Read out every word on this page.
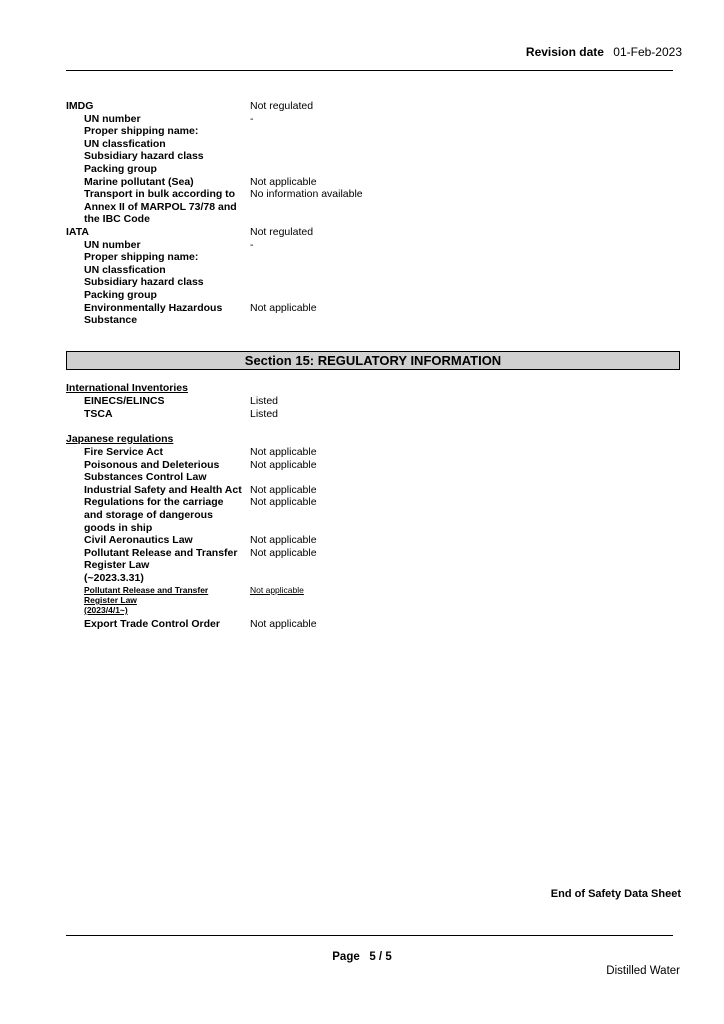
Revision date 01-Feb-2023
IMDG	Not regulated
UN number	-
Proper shipping name:	
UN classfication	
Subsidiary hazard class	
Packing group	
Marine pollutant (Sea)	Not applicable
Transport in bulk according to	No information available
Annex II of MARPOL 73/78 and	
the IBC Code	
IATA	Not regulated
UN number	-
Proper shipping name:	
UN classfication	
Subsidiary hazard class	
Packing group	
Environmentally Hazardous	Not applicable
Substance	
Section 15: REGULATORY INFORMATION
International Inventories
EINECS/ELINCS	Listed
TSCA	Listed
Japanese regulations
Fire Service Act	Not applicable
Poisonous and Deleterious	Not applicable
Substances Control Law	
Industrial Safety and Health Act	Not applicable
Regulations for the carriage	Not applicable
and storage of dangerous	
goods in ship	
Civil Aeronautics Law	Not applicable
Pollutant Release and Transfer	Not applicable
Register Law	
(~2023.3.31)	
Pollutant Release and Transfer	Not applicable
Register Law	
(2023/4/1~)	
Export Trade Control Order	Not applicable
End of Safety Data Sheet
Page 5 / 5
Distilled Water
